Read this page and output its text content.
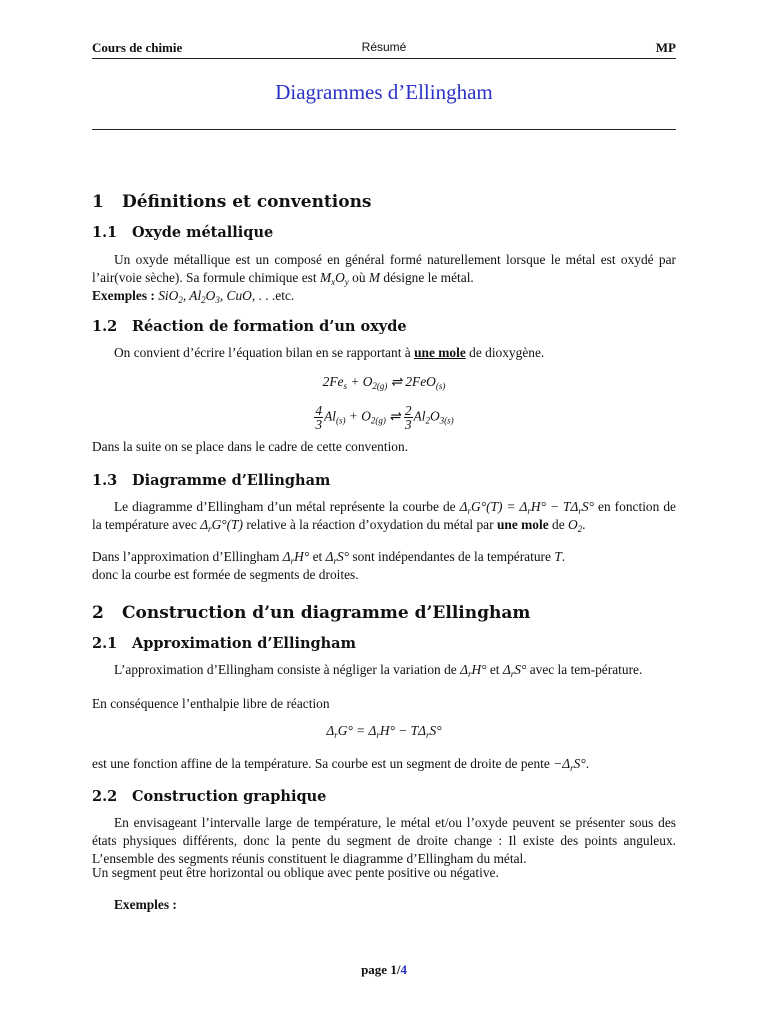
Cours de chimie	Résumé	MP
Diagrammes d’Ellingham
1 Définitions et conventions
1.1 Oxyde métallique
Un oxyde métallique est un composé en général formé naturellement lorsque le métal est oxydé par l’air(voie sèche). Sa formule chimique est $M_xO_y$ où M désigne le métal.
Exemples : SiO$_2$, $Al_2O_3$, CuO, . . .etc.
1.2 Réaction de formation d’un oxyde
On convient d’écrire l’équation bilan en se rapportant à une mole de dioxygène.
$2Fe_s + O_{2(g)}$ ⇌ 2FeO$_{(s)}$
$\frac{4}{3} Al_{(s)} + O_{2(g)}$ ⇌ $\frac{2}{3} Al_2O_{3(s)}$
Dans la suite on se place dans le cadre de cette convention.
1.3 Diagramme d’Ellingham
Le diagramme d’Ellingham d’un métal représente la courbe de $\Delta_rG^\circ(T) = \Delta_rH^\circ - T\Delta_rS^\circ$ en fonction de la température avec $\Delta_rG^\circ(T)$ relative à la réaction d’oxydation du métal par une mole de $O_2$.
Dans l’approximation d’Ellingham $\Delta_rH^\circ$ et $\Delta_rS^\circ$ sont indépendantes de la température T.
donc la courbe est formée de segments de droites.
2 Construction d’un diagramme d’Ellingham
2.1 Approximation d’Ellingham
L’approximation d’Ellingham consiste à négliger la variation de $\Delta_rH^\circ$ et $\Delta_rS^\circ$ avec la tem-pérature.
En conséquence l’enthalpie libre de réaction
$\Delta_rG^\circ = \Delta_rH^\circ - T\Delta_rS^\circ$
est une fonction affine de la température. Sa courbe est un segment de droite de pente $-\Delta_rS^\circ$.
2.2 Construction graphique
En envisageant l’intervalle large de température, le métal et/ou l’oxyde peuvent se présenter sous des états physiques différents, donc la pente du segment de droite change : Il existe des points anguleux. L’ensemble des segments réunis constituent le diagramme d’Ellingham du métal.
Un segment peut être horizontal ou oblique avec pente positive ou négative.
Exemples :
page 1/4
